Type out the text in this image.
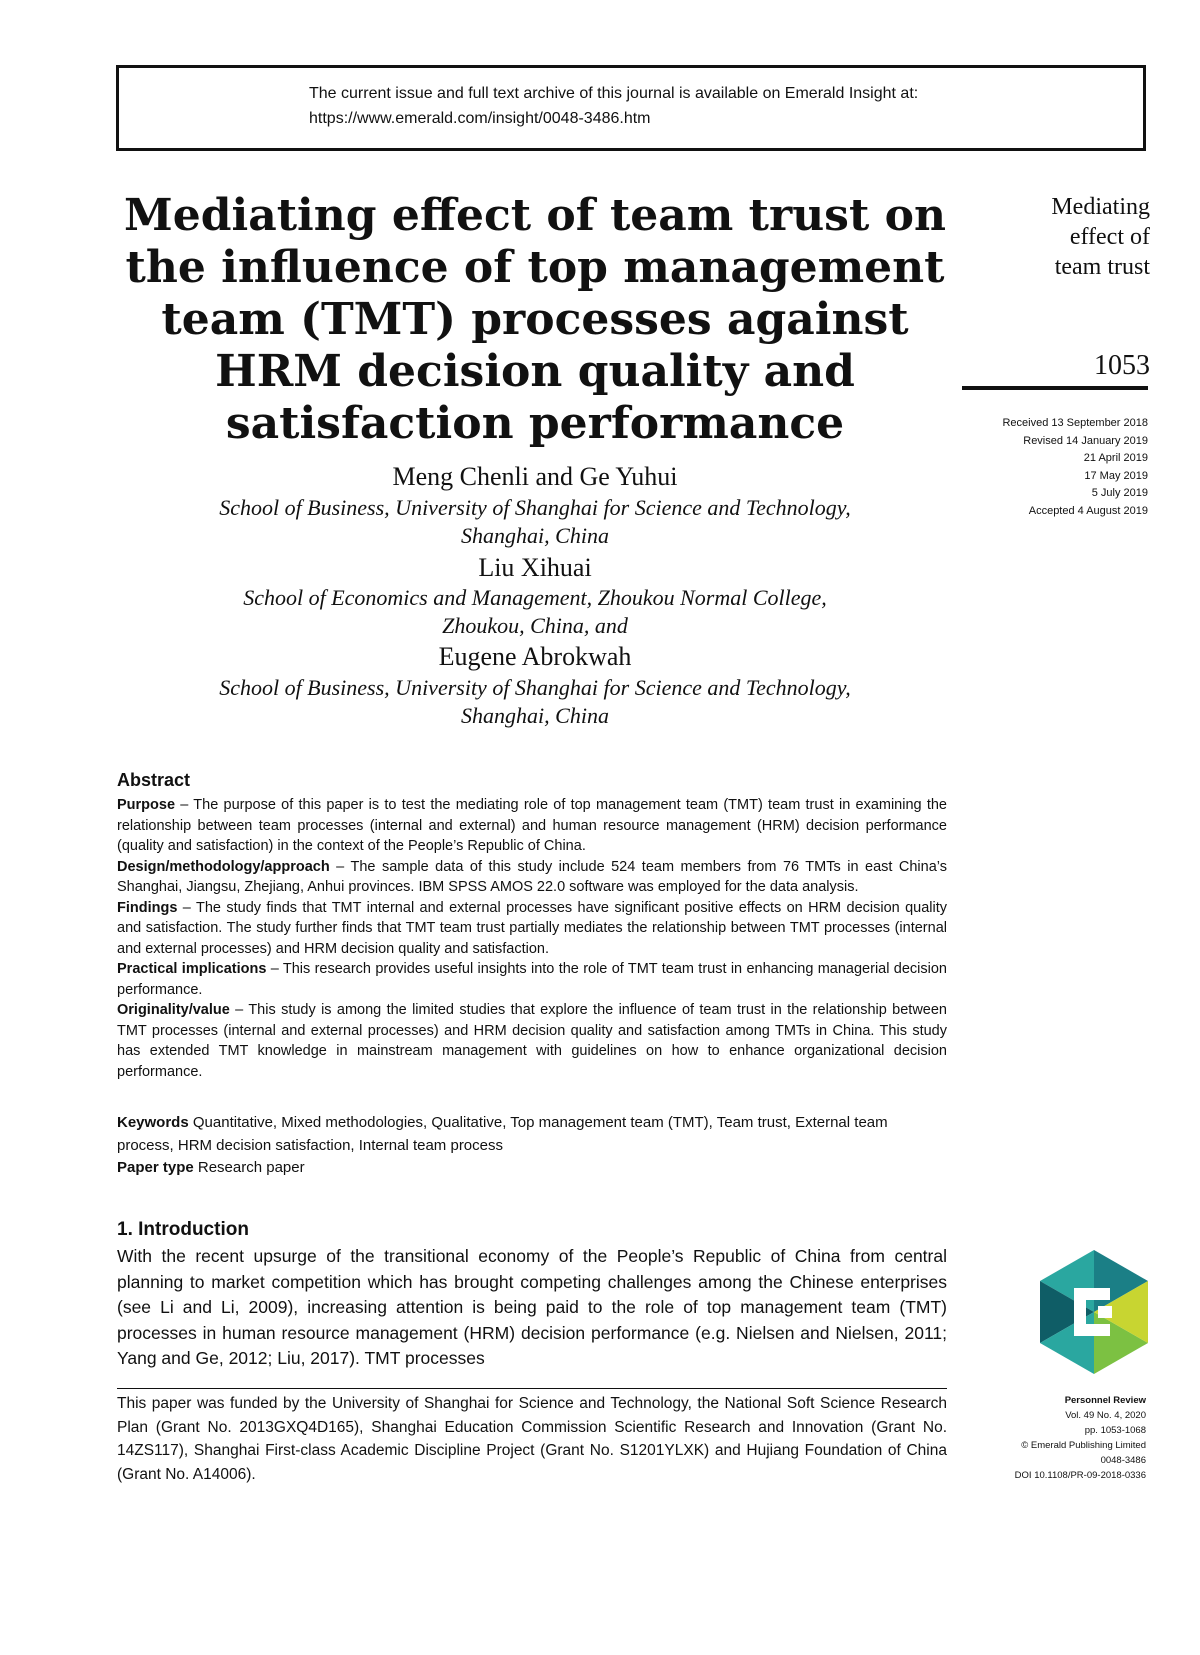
The current issue and full text archive of this journal is available on Emerald Insight at:
https://www.emerald.com/insight/0048-3486.htm
Mediating effect of team trust on
the influence of top management
team (TMT) processes against
HRM decision quality and
satisfaction performance
Meng Chenli and Ge Yuhui
School of Business, University of Shanghai for Science and Technology,
Shanghai, China
Liu Xihuai
School of Economics and Management, Zhoukou Normal College,
Zhoukou, China, and
Eugene Abrokwah
School of Business, University of Shanghai for Science and Technology,
Shanghai, China
Mediating
effect of
team trust
1053
Received 13 September 2018
Revised 14 January 2019
21 April 2019
17 May 2019
5 July 2019
Accepted 4 August 2019
Abstract

Purpose – The purpose of this paper is to test the mediating role of top management team (TMT) team trust in examining the relationship between team processes (internal and external) and human resource management (HRM) decision performance (quality and satisfaction) in the context of the People’s Republic of China.

Design/methodology/approach – The sample data of this study include 524 team members from 76 TMTs in east China’s Shanghai, Jiangsu, Zhejiang, Anhui provinces. IBM SPSS AMOS 22.0 software was employed for the data analysis.

Findings – The study finds that TMT internal and external processes have significant positive effects on HRM decision quality and satisfaction. The study further finds that TMT team trust partially mediates the relationship between TMT processes (internal and external processes) and HRM decision quality and satisfaction.

Practical implications – This research provides useful insights into the role of TMT team trust in enhancing managerial decision performance.

Originality/value – This study is among the limited studies that explore the influence of team trust in the relationship between TMT processes (internal and external processes) and HRM decision quality and satisfaction among TMTs in China. This study has extended TMT knowledge in mainstream management with guidelines on how to enhance organizational decision performance.

Keywords Quantitative, Mixed methodologies, Qualitative, Top management team (TMT), Team trust, External team process, HRM decision satisfaction, Internal team process
Paper type Research paper
1. Introduction
With the recent upsurge of the transitional economy of the People’s Republic of China from central planning to market competition which has brought competing challenges among the Chinese enterprises (see Li and Li, 2009), increasing attention is being paid to the role of top management team (TMT) processes in human resource management (HRM) decision performance (e.g. Nielsen and Nielsen, 2011; Yang and Ge, 2012; Liu, 2017). TMT processes
This paper was funded by the University of Shanghai for Science and Technology, the National Soft Science Research Plan (Grant No. 2013GXQ4D165), Shanghai Education Commission Scientific Research and Innovation (Grant No. 14ZS117), Shanghai First-class Academic Discipline Project (Grant No. S1201YLXK) and Hujiang Foundation of China (Grant No. A14006).
Personnel Review
Vol. 49 No. 4, 2020
pp. 1053-1068
© Emerald Publishing Limited
0048-3486
DOI 10.1108/PR-09-2018-0336
